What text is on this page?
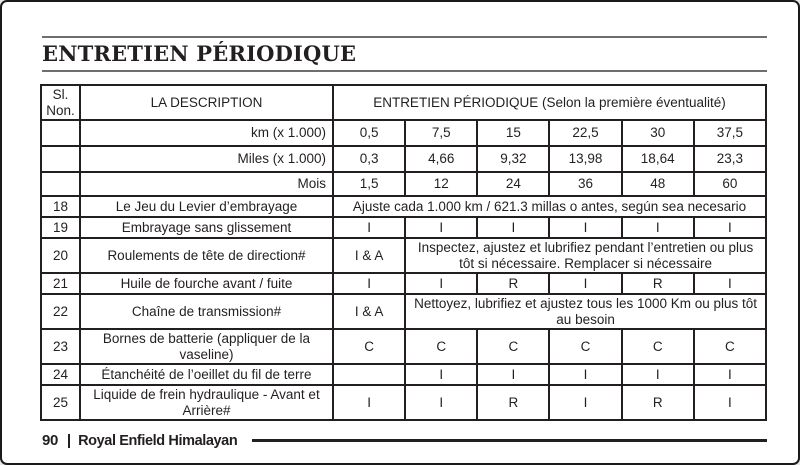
ENTRETIEN PÉRIODIQUE
Sl.
Non.	LA DESCRIPTION	ENTRETIEN PÉRIODIQUE (Selon la première éventualité)					
	km (x 1.000)	0,5	7,5	15	22,5	30	37,5
	Miles (x 1.000)	0,3	4,66	9,32	13,98	18,64	23,3
	Mois	1,5	12	24	36	48	60
18	Le Jeu du Levier d’embrayage	Ajuste cada 1.000 km / 621.3 millas o antes, según sea necesario					
19	Embrayage sans glissement	I	I	I	I	I	I
20	Roulements de tête de direction#	I & A	Inspectez, ajustez et lubrifiez pendant l’entretien ou plus tôt si nécessaire. Remplacer si nécessaire				
21	Huile de fourche avant / fuite	I	I	R	I	R	I
22	Chaîne de transmission#	I & A	Nettoyez, lubrifiez et ajustez tous les 1000 Km ou plus tôt au besoin				
23	Bornes de batterie (appliquer de la vaseline)	C	C	C	C	C	C
24	Étanchéité de l’oeillet du fil de terre		I	I	I	I	I
25	Liquide de frein hydraulique - Avant et Arrière#	I	I	R	I	R	I
90 Royal Enfield Himalayan
